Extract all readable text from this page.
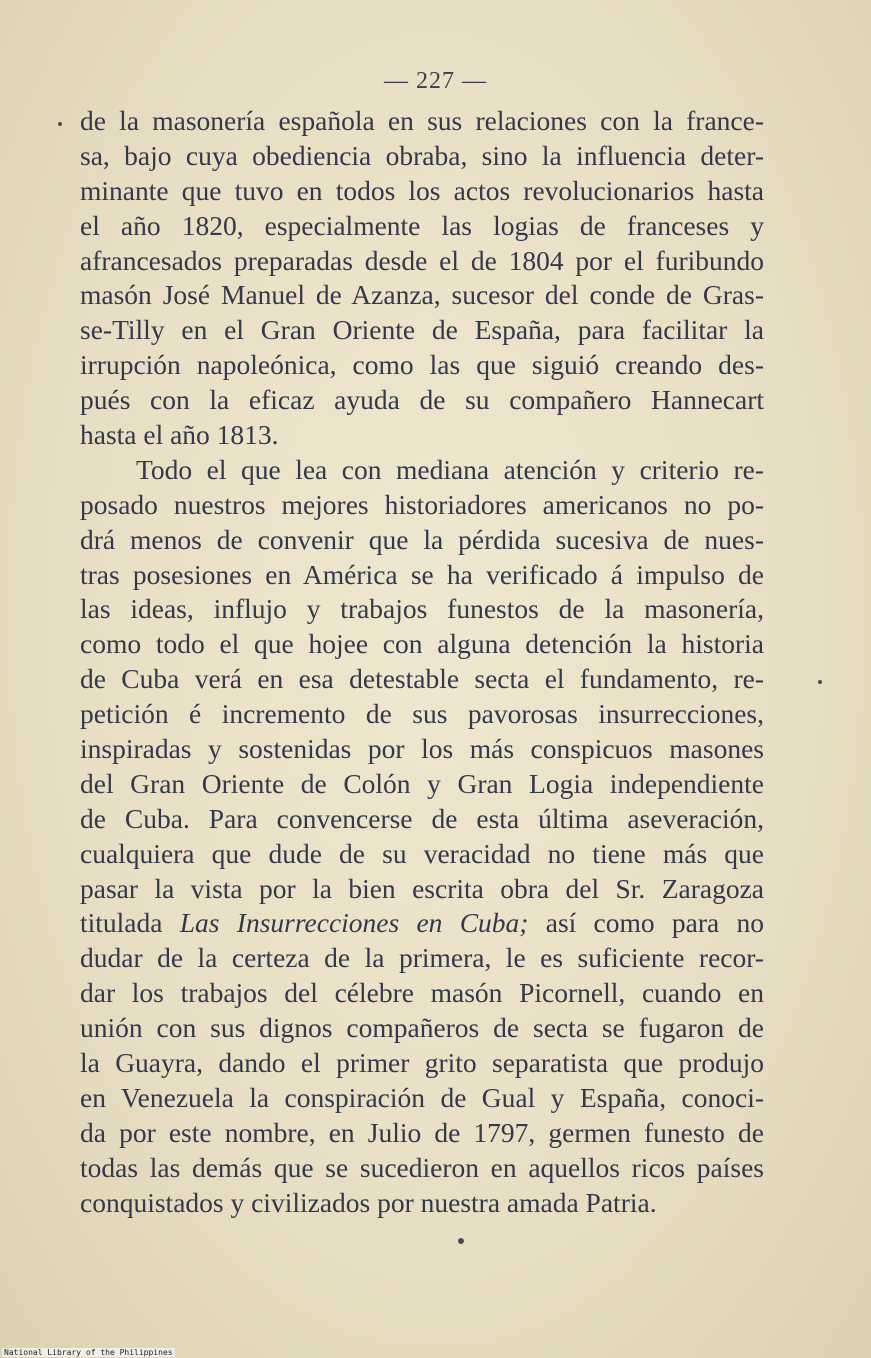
— 227 —
de la masonería española en sus relaciones con la france-
sa, bajo cuya obediencia obraba, sino la influencia deter-
minante que tuvo en todos los actos revolucionarios hasta
el año 1820, especialmente las logias de franceses y
afrancesados preparadas desde el de 1804 por el furibundo
masón José Manuel de Azanza, sucesor del conde de Gras-
se-Tilly en el Gran Oriente de España, para facilitar la
irrupción napoleónica, como las que siguió creando des-
pués con la eficaz ayuda de su compañero Hannecart
hasta el año 1813.
Todo el que lea con mediana atención y criterio re-
posado nuestros mejores historiadores americanos no po-
drá menos de convenir que la pérdida sucesiva de nues-
tras posesiones en América se ha verificado á impulso de
las ideas, influjo y trabajos funestos de la masonería,
como todo el que hojee con alguna detención la historia
de Cuba verá en esa detestable secta el fundamento, re-
petición é incremento de sus pavorosas insurrecciones,
inspiradas y sostenidas por los más conspicuos masones
del Gran Oriente de Colón y Gran Logia independiente
de Cuba. Para convencerse de esta última aseveración,
cualquiera que dude de su veracidad no tiene más que
pasar la vista por la bien escrita obra del Sr. Zaragoza
titulada Las Insurrecciones en Cuba; así como para no
dudar de la certeza de la primera, le es suficiente recor-
dar los trabajos del célebre masón Picornell, cuando en
unión con sus dignos compañeros de secta se fugaron de
la Guayra, dando el primer grito separatista que produjo
en Venezuela la conspiración de Gual y España, conoci-
da por este nombre, en Julio de 1797, germen funesto de
todas las demás que se sucedieron en aquellos ricos países
conquistados y civilizados por nuestra amada Patria.
National Library of the Philippines
